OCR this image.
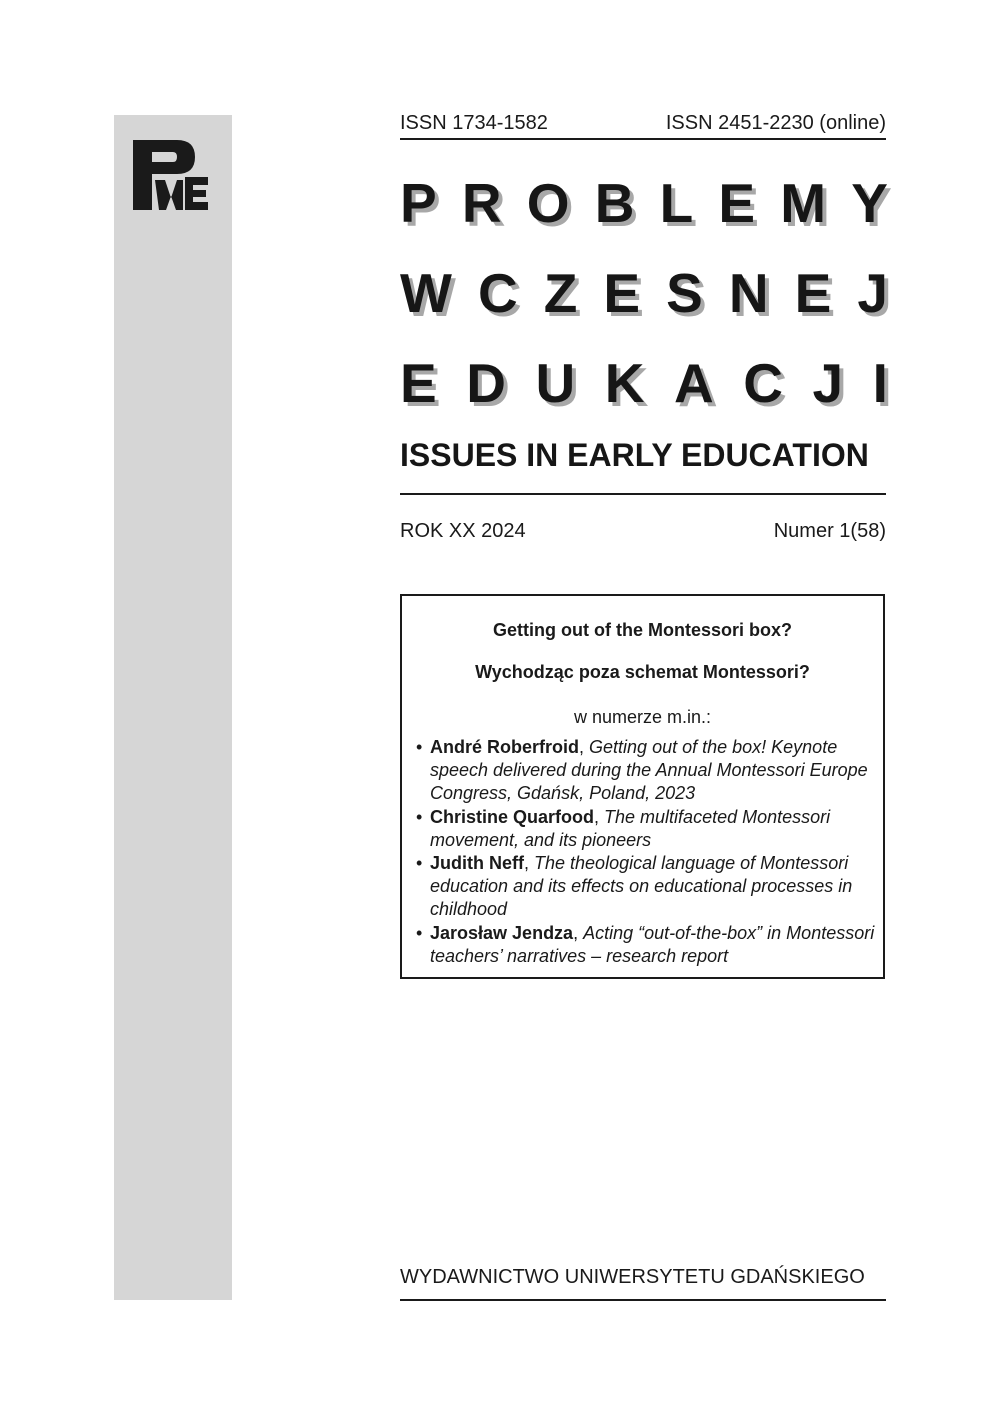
ISSN 1734-1582	ISSN 2451-2230 (online)
P R O B L E M Y
W C Z E S N E J
E D U K A C J I
ISSUES IN EARLY EDUCATION
ROK XX 2024	Numer 1(58)
Getting out of the Montessori box?
Wychodząc poza schemat Montessori?
w numerzе m.in.:
• André Roberfroid, Getting out of the box! Keynote speech delivered during the Annual Montessori Europe Congress, Gdańsk, Poland, 2023
• Christine Quarfood, The multifaceted Montessori movement, and its pioneers
• Judith Neff, The theological language of Montessori education and its effects on educational processes in childhood
• Jarosław Jendza, Acting “out-of-the-box” in Montessori teachers’ narratives – research report
WYDAWNICTWO UNIWERSYTETU GDAŃSKIEGO
